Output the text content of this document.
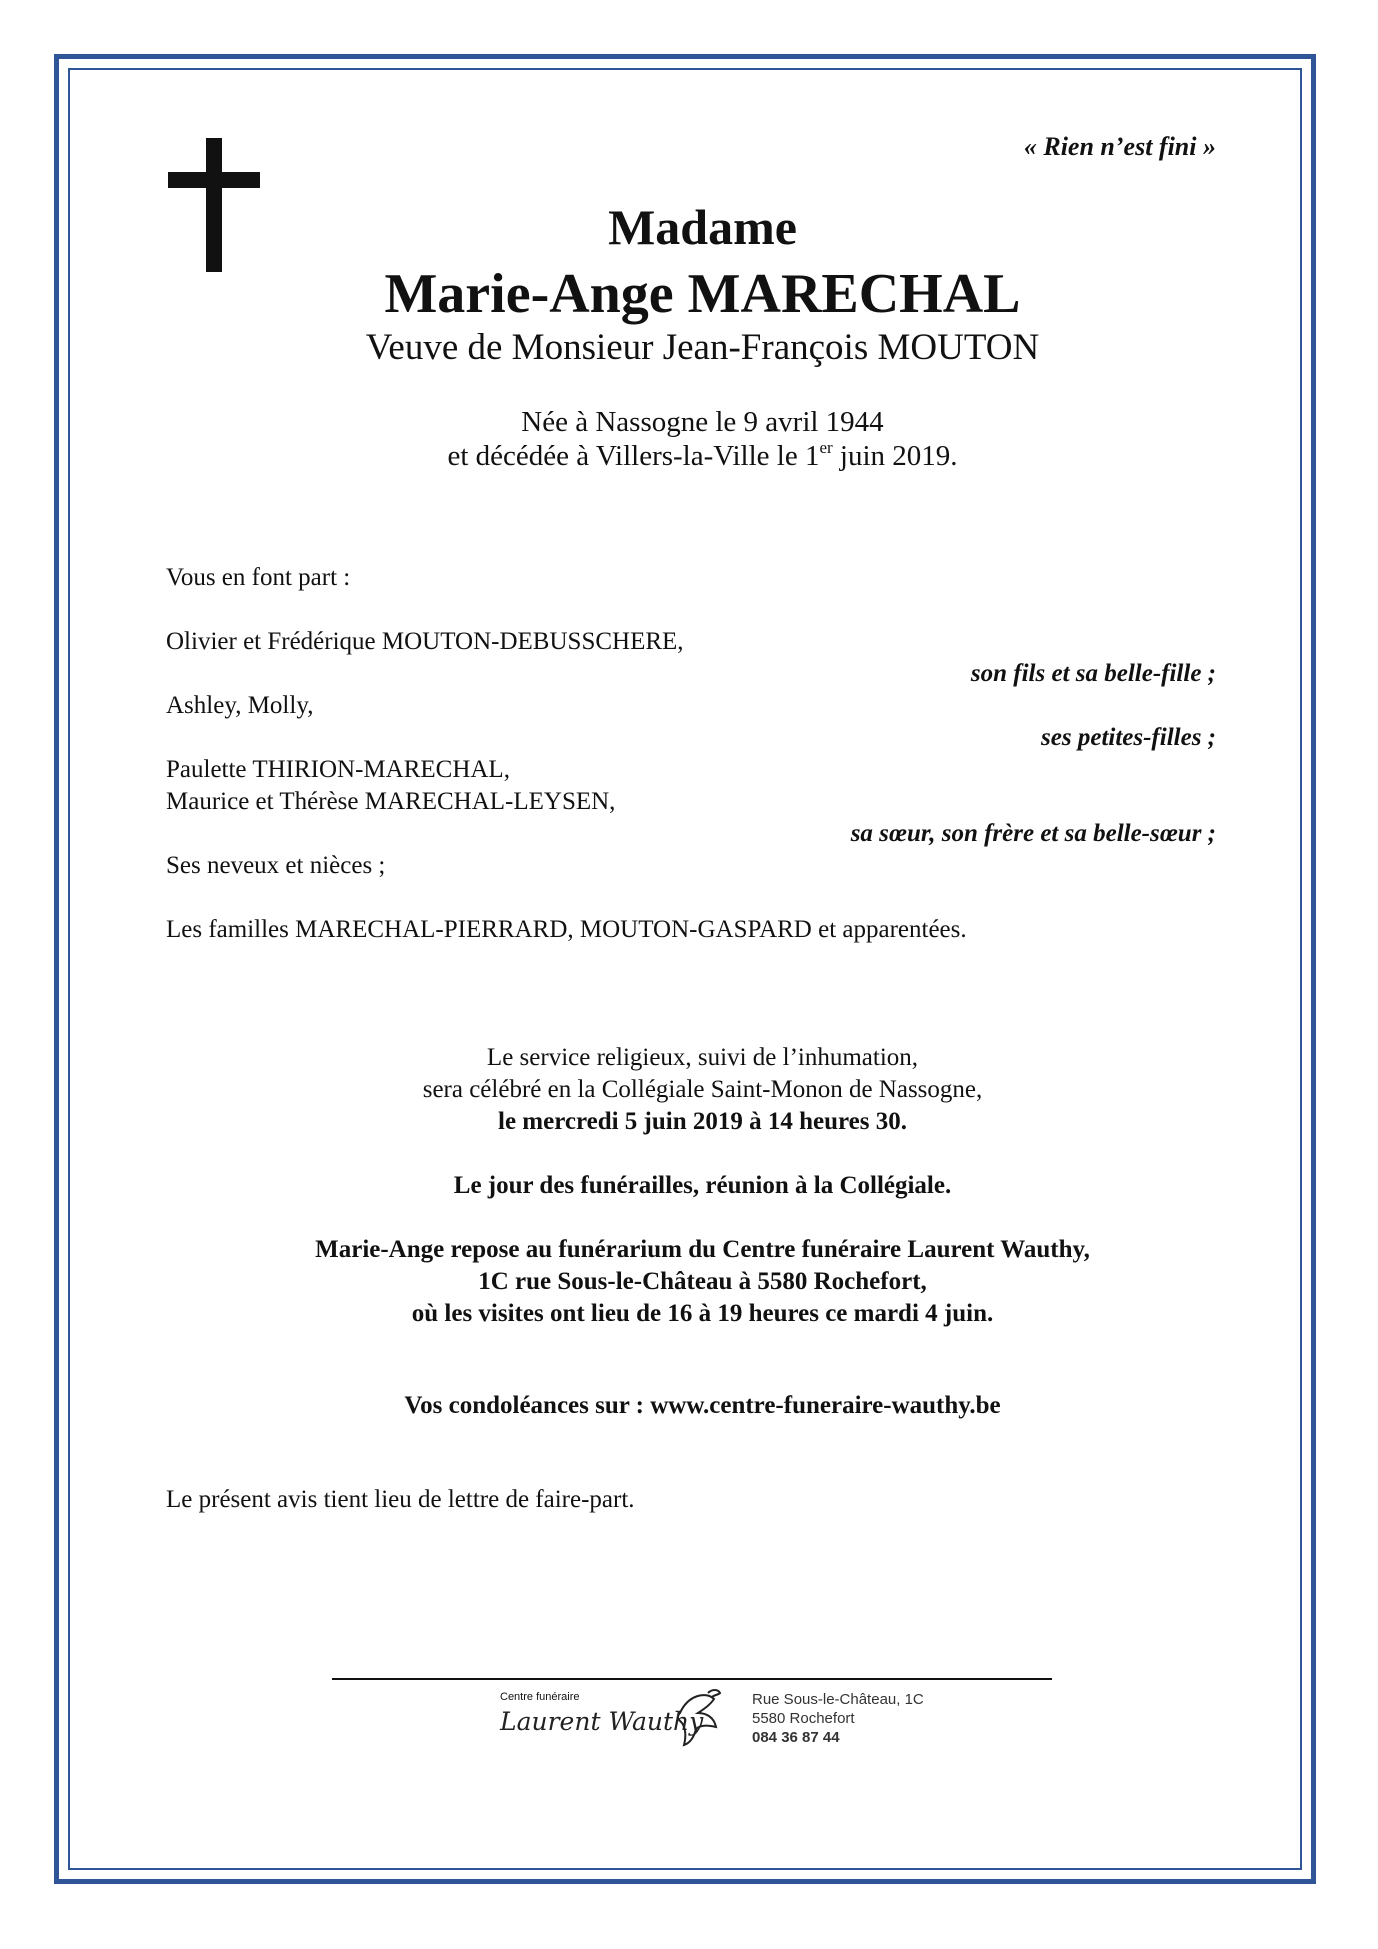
« Rien n’est fini »

Madame

Marie-Ange MARECHAL

Veuve de Monsieur Jean-François MOUTON

Née à Nassogne le 9 avril 1944

et décédée à Villers-la-Ville le 1er juin 2019.

Vous en font part :

Olivier et Frédérique MOUTON-DEBUSSCHERE,

son fils et sa belle-fille ;

Ashley, Molly,

ses petites-filles ;

Paulette THIRION-MARECHAL,

Maurice et Thérèse MARECHAL-LEYSEN,

sa sœur, son frère et sa belle-sœur ;

Ses neveux et nièces ;

Les familles MARECHAL-PIERRARD, MOUTON-GASPARD et apparentées.

Le service religieux, suivi de l’inhumation,

sera célébré en la Collégiale Saint-Monon de Nassogne,

le mercredi 5 juin 2019 à 14 heures 30.

Le jour des funérailles, réunion à la Collégiale.

Marie-Ange repose au funérarium du Centre funéraire Laurent Wauthy,

1C rue Sous-le-Château à 5580 Rochefort,

où les visites ont lieu de 16 à 19 heures ce mardi 4 juin.

Vos condoléances sur : www.centre-funeraire-wauthy.be

Le présent avis tient lieu de lettre de faire-part.

Centre funéraire
Laurent Wauthy
Rue Sous-le-Château, 1C
5580 Rochefort
084 36 87 44
